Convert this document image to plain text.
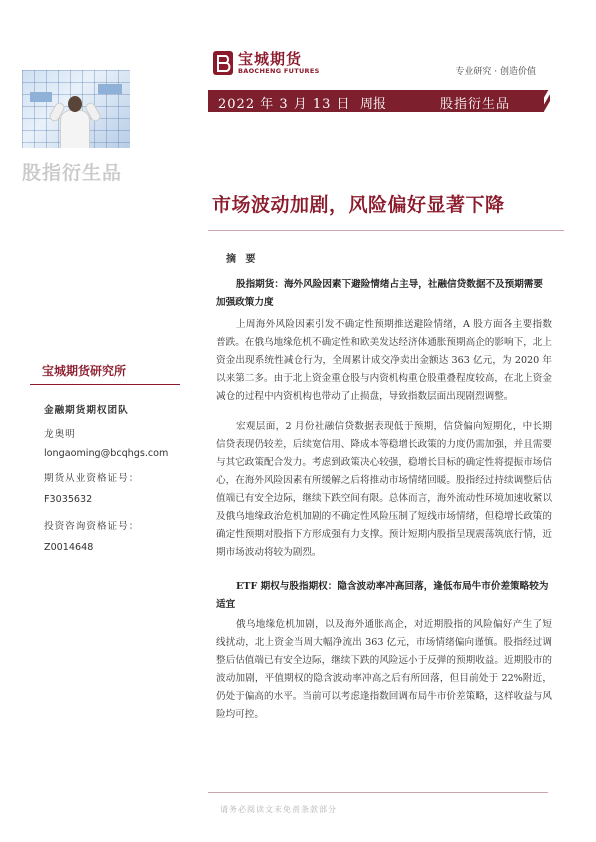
股指衍生品
宝城期货
BAOCHENG FUTURES	专业研究 · 创造价值
2022 年 3 月 13 日 周报	股指衍生品
市场波动加剧，风险偏好显著下降
摘 要
股指期货：海外风险因素下避险情绪占主导，社融信贷数据不及预期需要加强政策力度
上周海外风险因素引发不确定性预期推送避险情绪，A 股方面各主要指数普跌。在俄乌地缘危机不确定性和欧美发达经济体通胀预期高企的影响下，北上资金出现系统性减仓行为，全周累计成交净卖出金额达 363 亿元，为 2020 年以来第二多。由于北上资金重仓股与内资机构重仓股重叠程度较高，在北上资金减仓的过程中内资机构也带动了止损盘，导致指数层面出现剧烈调整。
宏观层面，2 月份社融信贷数据表现低于预期，信贷偏向短期化，中长期信贷表现仍较差，后续宽信用、降成本等稳增长政策的力度仍需加强，并且需要与其它政策配合发力。考虑到政策决心较强，稳增长目标的确定性将提振市场信心，在海外风险因素有所缓解之后将推动市场情绪回暖。股指经过持续调整后估值端已有安全边际，继续下跌空间有限。总体而言，海外流动性环境加速收紧以及俄乌地缘政治危机加剧的不确定性风险压制了短线市场情绪，但稳增长政策的确定性预期对股指下方形成强有力支撑。预计短期内股指呈现震荡筑底行情，近期市场波动将较为剧烈。
ETF 期权与股指期权：隐含波动率冲高回落，逢低布局牛市价差策略较为适宜
俄乌地缘危机加剧，以及海外通胀高企，对近期股指的风险偏好产生了短线扰动，北上资金当周大幅净流出 363 亿元，市场情绪偏向谨慎。股指经过调整后估值端已有安全边际，继续下跌的风险远小于反弹的预期收益。近期股市的波动加剧，平值期权的隐含波动率冲高之后有所回落，但目前处于 22%附近，仍处于偏高的水平。当前可以考虑逢指数回调布局牛市价差策略，这样收益与风险均可控。
宝城期货研究所
金融期货期权团队
龙奥明
longaoming@bcqhgs.com
期货从业资格证号：
F3035632
投资咨询资格证号：
Z0014648
请务必阅读文末免责条款部分
